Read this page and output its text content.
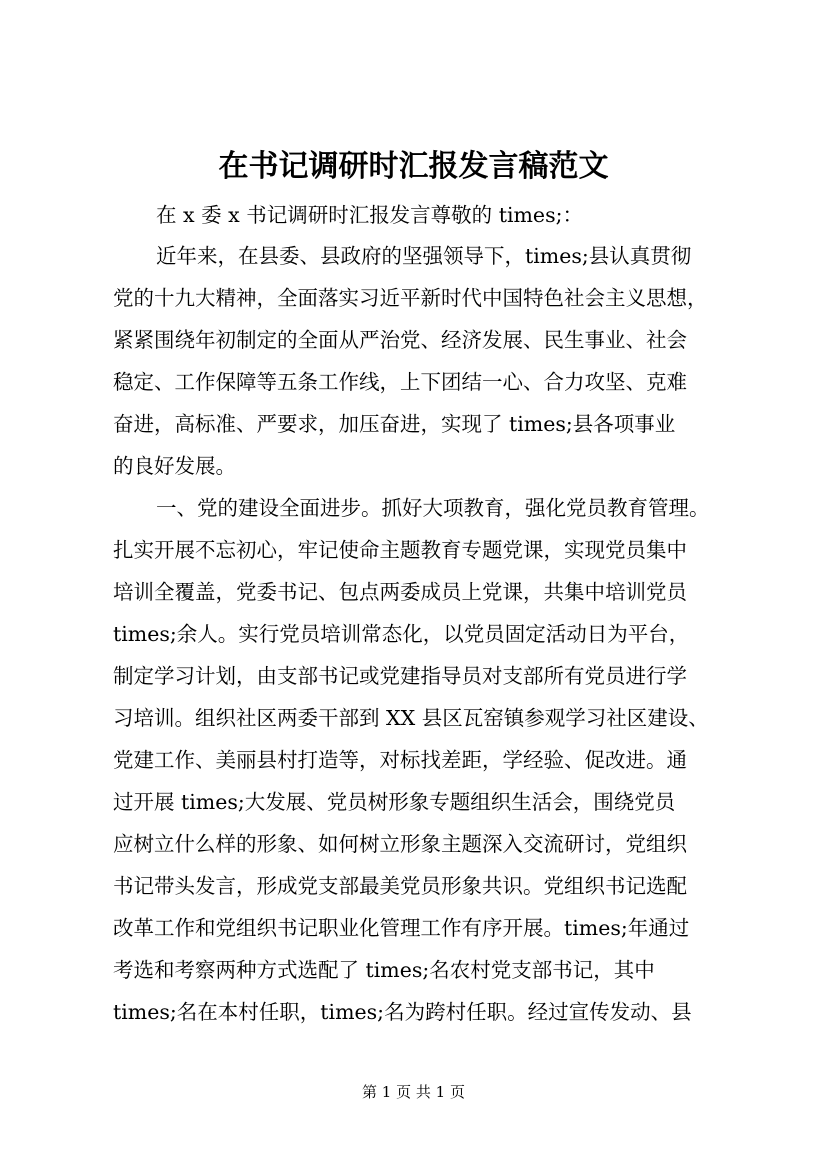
在书记调研时汇报发言稿范文
在 x 委 x 书记调研时汇报发言尊敬的 times;：
近年来，在县委、县政府的坚强领导下，times;县认真贯彻
党的十九大精神，全面落实习近平新时代中国特色社会主义思想，
紧紧围绕年初制定的全面从严治党、经济发展、民生事业、社会
稳定、工作保障等五条工作线，上下团结一心、合力攻坚、克难
奋进，高标准、严要求，加压奋进，实现了 times;县各项事业
的良好发展。
一、党的建设全面进步。抓好大项教育，强化党员教育管理。
扎实开展不忘初心，牢记使命主题教育专题党课，实现党员集中
培训全覆盖，党委书记、包点两委成员上党课，共集中培训党员
times;余人。实行党员培训常态化，以党员固定活动日为平台，
制定学习计划，由支部书记或党建指导员对支部所有党员进行学
习培训。组织社区两委干部到 XX 县区瓦窑镇参观学习社区建设、
党建工作、美丽县村打造等，对标找差距，学经验、促改进。通
过开展 times;大发展、党员树形象专题组织生活会，围绕党员
应树立什么样的形象、如何树立形象主题深入交流研讨，党组织
书记带头发言，形成党支部最美党员形象共识。党组织书记选配
改革工作和党组织书记职业化管理工作有序开展。times;年通过
考选和考察两种方式选配了 times;名农村党支部书记，其中
times;名在本村任职，times;名为跨村任职。经过宣传发动、县
第 1 页 共 1 页
